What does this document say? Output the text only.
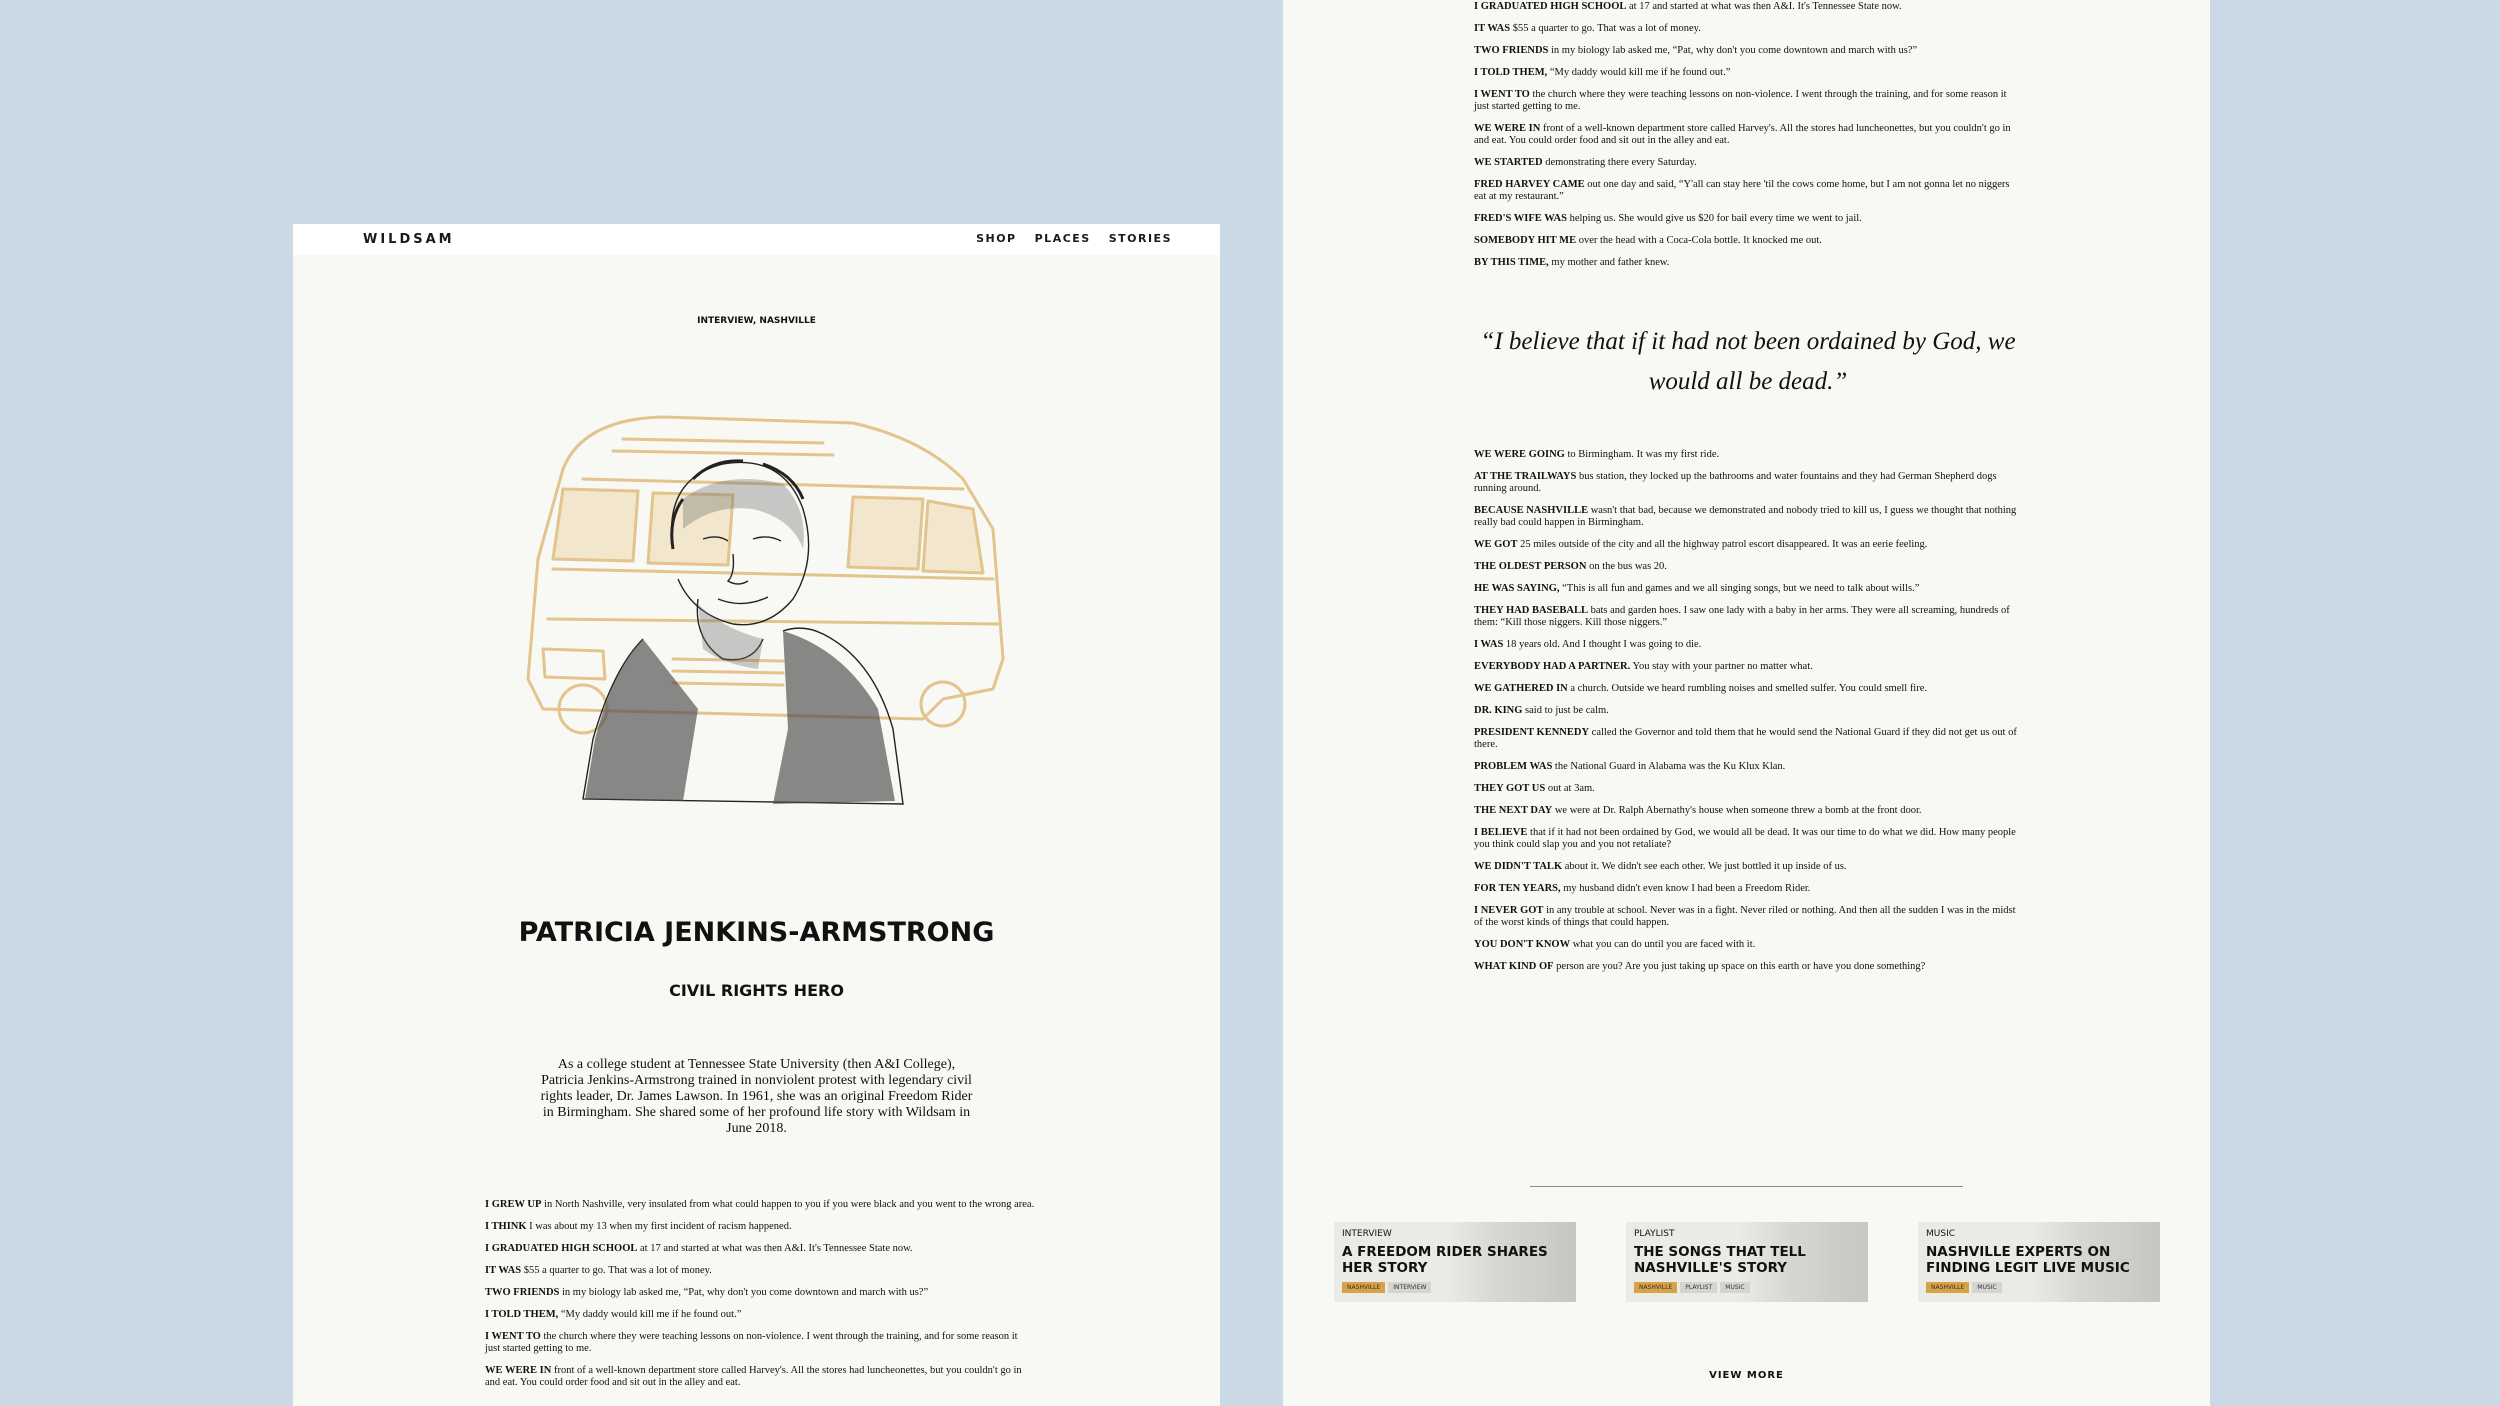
WILDSAM	SHOP PLACES STORIES
INTERVIEW, NASHVILLE
PATRICIA JENKINS-ARMSTRONG
CIVIL RIGHTS HERO
As a college student at Tennessee State University (then A&I College), Patricia Jenkins-Armstrong trained in nonviolent protest with legendary civil rights leader, Dr. James Lawson. In 1961, she was an original Freedom Rider in Birmingham. She shared some of her profound life story with Wildsam in June 2018.

I GREW UP in North Nashville, very insulated from what could happen to you if you were black and you went to the wrong area.

I THINK I was about my 13 when my first incident of racism happened.

I GRADUATED HIGH SCHOOL at 17 and started at what was then A&I. It's Tennessee State now.

IT WAS $55 a quarter to go. That was a lot of money.

TWO FRIENDS in my biology lab asked me, “Pat, why don't you come downtown and march with us?”

I TOLD THEM, “My daddy would kill me if he found out.”

I WENT TO the church where they were teaching lessons on non-violence. I went through the training, and for some reason it just started getting to me.

WE WERE IN front of a well-known department store called Harvey's. All the stores had luncheonettes, but you couldn't go in and eat. You could order food and sit out in the alley and eat.

I GRADUATED HIGH SCHOOL at 17 and started at what was then A&I. It's Tennessee State now.

IT WAS $55 a quarter to go. That was a lot of money.

TWO FRIENDS in my biology lab asked me, “Pat, why don't you come downtown and march with us?”

I TOLD THEM, “My daddy would kill me if he found out.”

I WENT TO the church where they were teaching lessons on non-violence. I went through the training, and for some reason it just started getting to me.

WE WERE IN front of a well-known department store called Harvey's. All the stores had luncheonettes, but you couldn't go in and eat. You could order food and sit out in the alley and eat.

WE STARTED demonstrating there every Saturday.

FRED HARVEY CAME out one day and said, “Y'all can stay here 'til the cows come home, but I am not gonna let no niggers eat at my restaurant.”

FRED'S WIFE WAS helping us. She would give us $20 for bail every time we went to jail.

SOMEBODY HIT ME over the head with a Coca-Cola bottle. It knocked me out.

BY THIS TIME, my mother and father knew.

“I believe that if it had not been ordained by God, we would all be dead.”

WE WERE GOING to Birmingham. It was my first ride.

AT THE TRAILWAYS bus station, they locked up the bathrooms and water fountains and they had German Shepherd dogs running around.

BECAUSE NASHVILLE wasn't that bad, because we demonstrated and nobody tried to kill us, I guess we thought that nothing really bad could happen in Birmingham.

WE GOT 25 miles outside of the city and all the highway patrol escort disappeared. It was an eerie feeling.

THE OLDEST PERSON on the bus was 20.

HE WAS SAYING, “This is all fun and games and we all singing songs, but we need to talk about wills.”

THEY HAD BASEBALL bats and garden hoes. I saw one lady with a baby in her arms. They were all screaming, hundreds of them: “Kill those niggers. Kill those niggers.”

I WAS 18 years old. And I thought I was going to die.

EVERYBODY HAD A PARTNER. You stay with your partner no matter what.

WE GATHERED IN a church. Outside we heard rumbling noises and smelled sulfer. You could smell fire.

DR. KING said to just be calm.

PRESIDENT KENNEDY called the Governor and told them that he would send the National Guard if they did not get us out of there.

PROBLEM WAS the National Guard in Alabama was the Ku Klux Klan.

THEY GOT US out at 3am.

THE NEXT DAY we were at Dr. Ralph Abernathy's house when someone threw a bomb at the front door.

I BELIEVE that if it had not been ordained by God, we would all be dead. It was our time to do what we did. How many people you think could slap you and you not retaliate?

WE DIDN'T TALK about it. We didn't see each other. We just bottled it up inside of us.

FOR TEN YEARS, my husband didn't even know I had been a Freedom Rider.

I NEVER GOT in any trouble at school. Never was in a fight. Never riled or nothing. And then all the sudden I was in the midst of the worst kinds of things that could happen.

YOU DON'T KNOW what you can do until you are faced with it.

WHAT KIND OF person are you? Are you just taking up space on this earth or have you done something?

INTERVIEW
A FREEDOM RIDER SHARES HER STORY
NASHVILLE	INTERVIEW
PLAYLIST
THE SONGS THAT TELL NASHVILLE'S STORY
NASHVILLE	PLAYLIST	MUSIC
MUSIC
NASHVILLE EXPERTS ON FINDING LEGIT LIVE MUSIC
NASHVILLE	MUSIC
VIEW MORE
